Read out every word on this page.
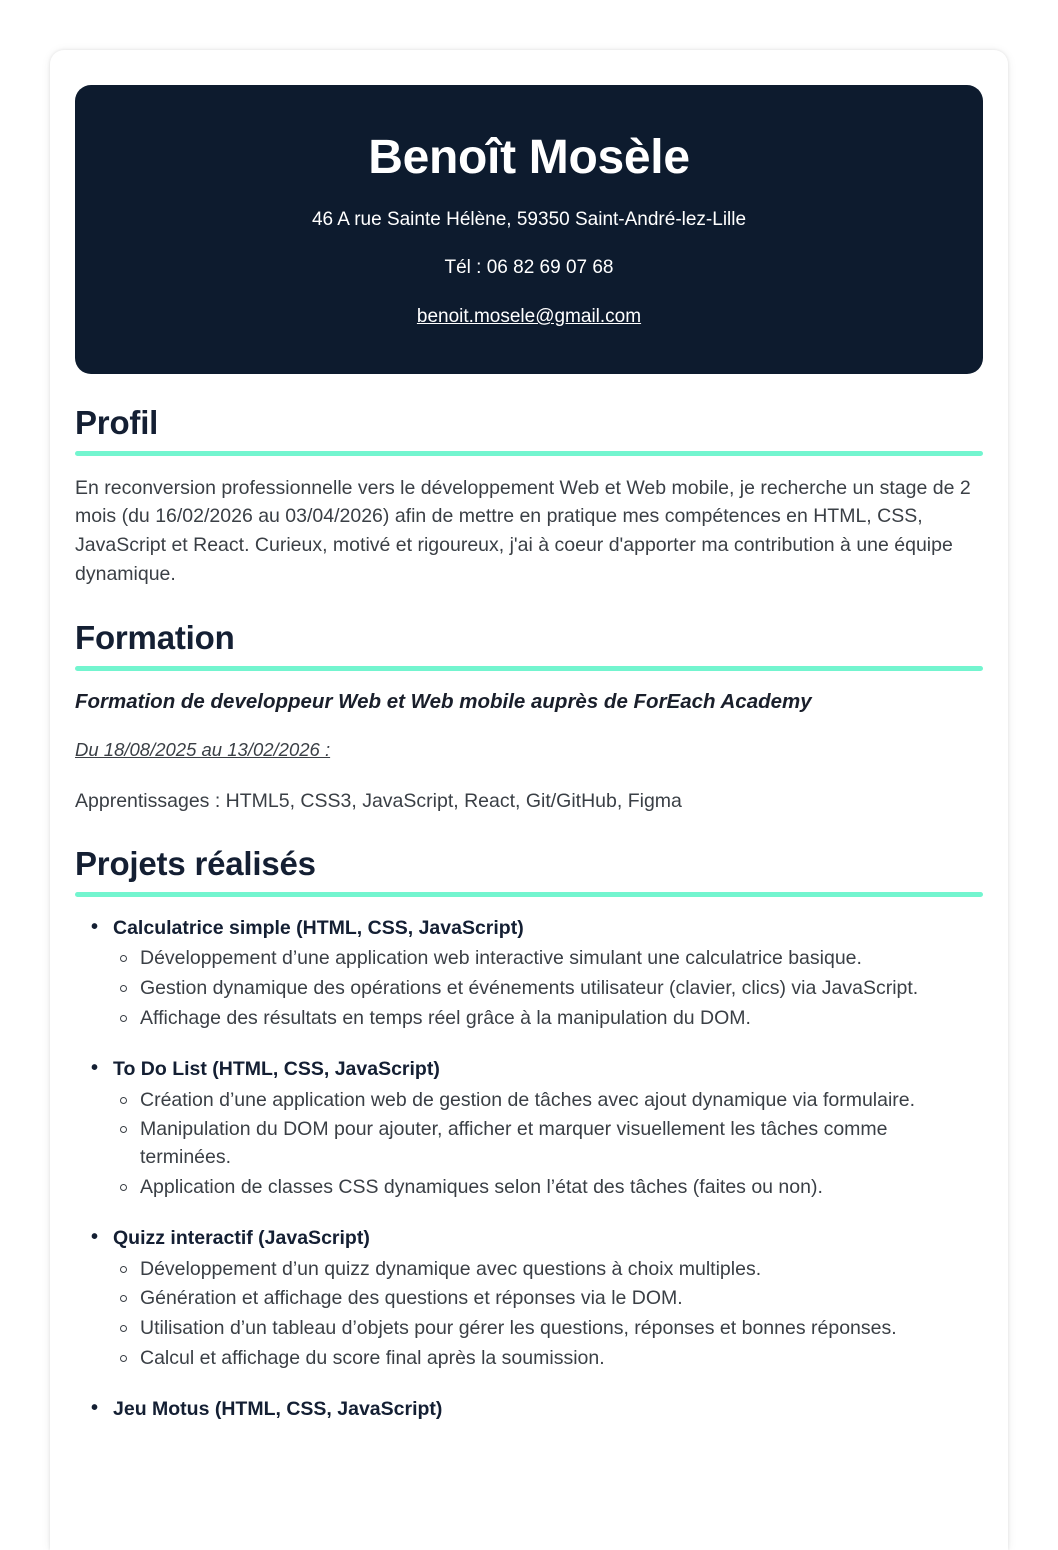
Benoît Mosèle
46 A rue Sainte Hélène, 59350 Saint-André-lez-Lille
Tél : 06 82 69 07 68
benoit.mosele@gmail.com
Profil

En reconversion professionnelle vers le développement Web et Web mobile, je recherche un stage de 2 mois (du 16/02/2026 au 03/04/2026) afin de mettre en pratique mes compétences en HTML, CSS, JavaScript et React. Curieux, motivé et rigoureux, j'ai à coeur d'apporter ma contribution à une équipe dynamique.

Formation
Formation de developpeur Web et Web mobile auprès de ForEach Academy
Du 18/08/2025 au 13/02/2026 :

Apprentissages : HTML5, CSS3, JavaScript, React, Git/GitHub, Figma

Projets réalisés
• Calculatrice simple (HTML, CSS, JavaScript)
Développement d’une application web interactive simulant une calculatrice basique.
Gestion dynamique des opérations et événements utilisateur (clavier, clics) via JavaScript.
Affichage des résultats en temps réel grâce à la manipulation du DOM.
• To Do List (HTML, CSS, JavaScript)
Création d’une application web de gestion de tâches avec ajout dynamique via formulaire.
Manipulation du DOM pour ajouter, afficher et marquer visuellement les tâches comme terminées.
Application de classes CSS dynamiques selon l’état des tâches (faites ou non).
• Quizz interactif (JavaScript)
Développement d’un quizz dynamique avec questions à choix multiples.
Génération et affichage des questions et réponses via le DOM.
Utilisation d’un tableau d’objets pour gérer les questions, réponses et bonnes réponses.
Calcul et affichage du score final après la soumission.
• Jeu Motus (HTML, CSS, JavaScript)
